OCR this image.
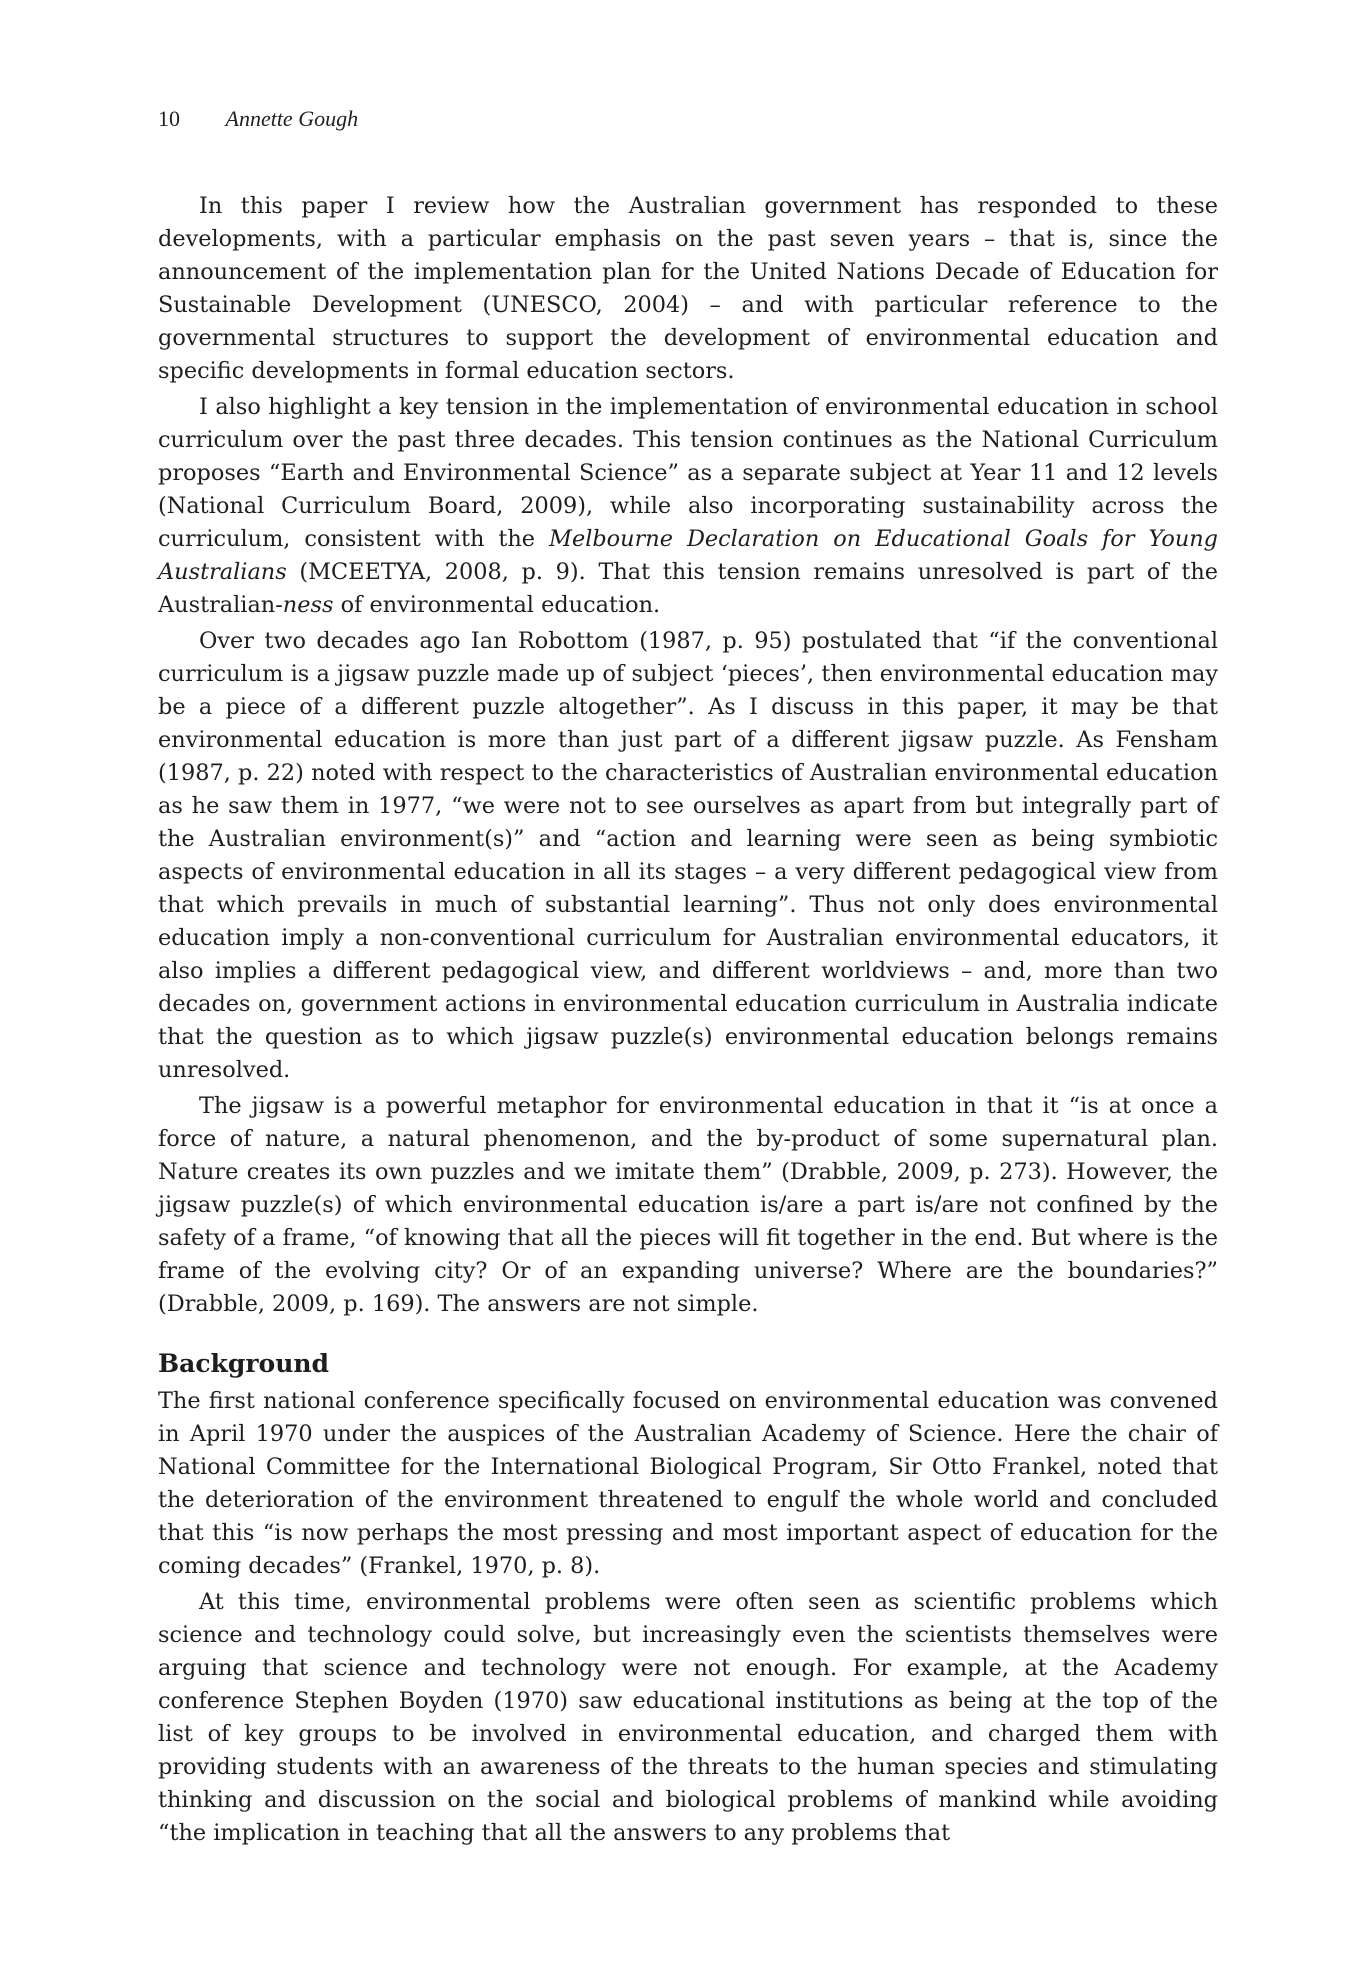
10 Annette Gough

In this paper I review how the Australian government has responded to these developments, with a particular emphasis on the past seven years – that is, since the announcement of the implementation plan for the United Nations Decade of Education for Sustainable Development (UNESCO, 2004) – and with particular reference to the governmental structures to support the development of environmental education and specific developments in formal education sectors.

I also highlight a key tension in the implementation of environmental education in school curriculum over the past three decades. This tension continues as the National Curriculum proposes “Earth and Environmental Science” as a separate subject at Year 11 and 12 levels (National Curriculum Board, 2009), while also incorporating sustainability across the curriculum, consistent with the Melbourne Declaration on Educational Goals for Young Australians (MCEETYA, 2008, p. 9). That this tension remains unresolved is part of the Australian-ness of environmental education.

Over two decades ago Ian Robottom (1987, p. 95) postulated that “if the conventional curriculum is a jigsaw puzzle made up of subject ‘pieces’, then environmental education may be a piece of a different puzzle altogether”. As I discuss in this paper, it may be that environmental education is more than just part of a different jigsaw puzzle. As Fensham (1987, p. 22) noted with respect to the characteristics of Australian environmental education as he saw them in 1977, “we were not to see ourselves as apart from but integrally part of the Australian environment(s)” and “action and learning were seen as being symbiotic aspects of environmental education in all its stages – a very different pedagogical view from that which prevails in much of substantial learning”. Thus not only does environmental education imply a non-conventional curriculum for Australian environmental educators, it also implies a different pedagogical view, and different worldviews – and, more than two decades on, government actions in environmental education curriculum in Australia indicate that the question as to which jigsaw puzzle(s) environmental education belongs remains unresolved.

The jigsaw is a powerful metaphor for environmental education in that it “is at once a force of nature, a natural phenomenon, and the by-product of some supernatural plan. Nature creates its own puzzles and we imitate them” (Drabble, 2009, p. 273). However, the jigsaw puzzle(s) of which environmental education is/are a part is/are not confined by the safety of a frame, “of knowing that all the pieces will fit together in the end. But where is the frame of the evolving city? Or of an expanding universe? Where are the boundaries?” (Drabble, 2009, p. 169). The answers are not simple.

Background

The first national conference specifically focused on environmental education was convened in April 1970 under the auspices of the Australian Academy of Science. Here the chair of National Committee for the International Biological Program, Sir Otto Frankel, noted that the deterioration of the environment threatened to engulf the whole world and concluded that this “is now perhaps the most pressing and most important aspect of education for the coming decades” (Frankel, 1970, p. 8).

At this time, environmental problems were often seen as scientific problems which science and technology could solve, but increasingly even the scientists themselves were arguing that science and technology were not enough. For example, at the Academy conference Stephen Boyden (1970) saw educational institutions as being at the top of the list of key groups to be involved in environmental education, and charged them with providing students with an awareness of the threats to the human species and stimulating thinking and discussion on the social and biological problems of mankind while avoiding “the implication in teaching that all the answers to any problems that
